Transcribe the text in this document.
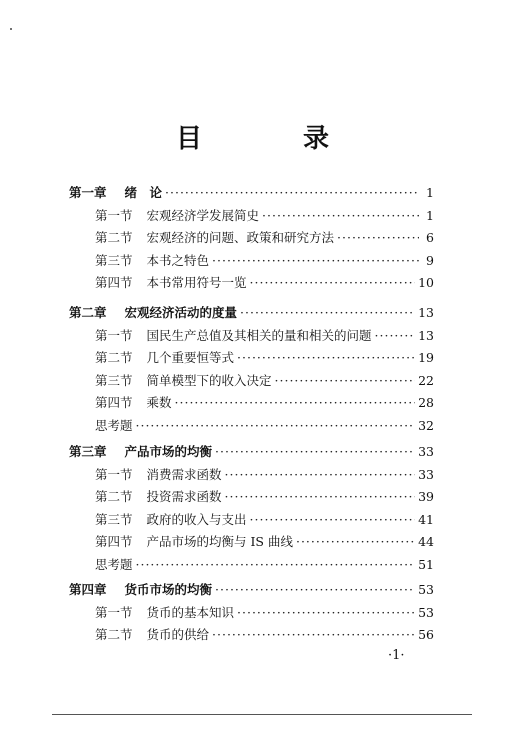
目 录
第一章 绪　论 ·····	1
第一节 宏观经济学发展简史 ·····	1
第二节 宏观经济的问题、政策和研究方法 ·····	6
第三节 本书之特色 ·····	9
第四节 本书常用符号一览 ·····	10
第二章 宏观经济活动的度量 ·····	13
第一节 国民生产总值及其相关的量和相关的问题 ·····	13
第二节 几个重要恒等式 ·····	19
第三节 简单模型下的收入决定 ·····	22
第四节 乘数 ·····	28
思考题 ·····	32
第三章 产品市场的均衡 ·····	33
第一节 消费需求函数 ·····	33
第二节 投资需求函数 ·····	39
第三节 政府的收入与支出 ·····	41
第四节 产品市场的均衡与 IS 曲线 ·····	44
思考题 ·····	51
第四章 货币市场的均衡 ·····	53
第一节 货币的基本知识 ·····	53
第二节 货币的供给 ·····	56
·1·
